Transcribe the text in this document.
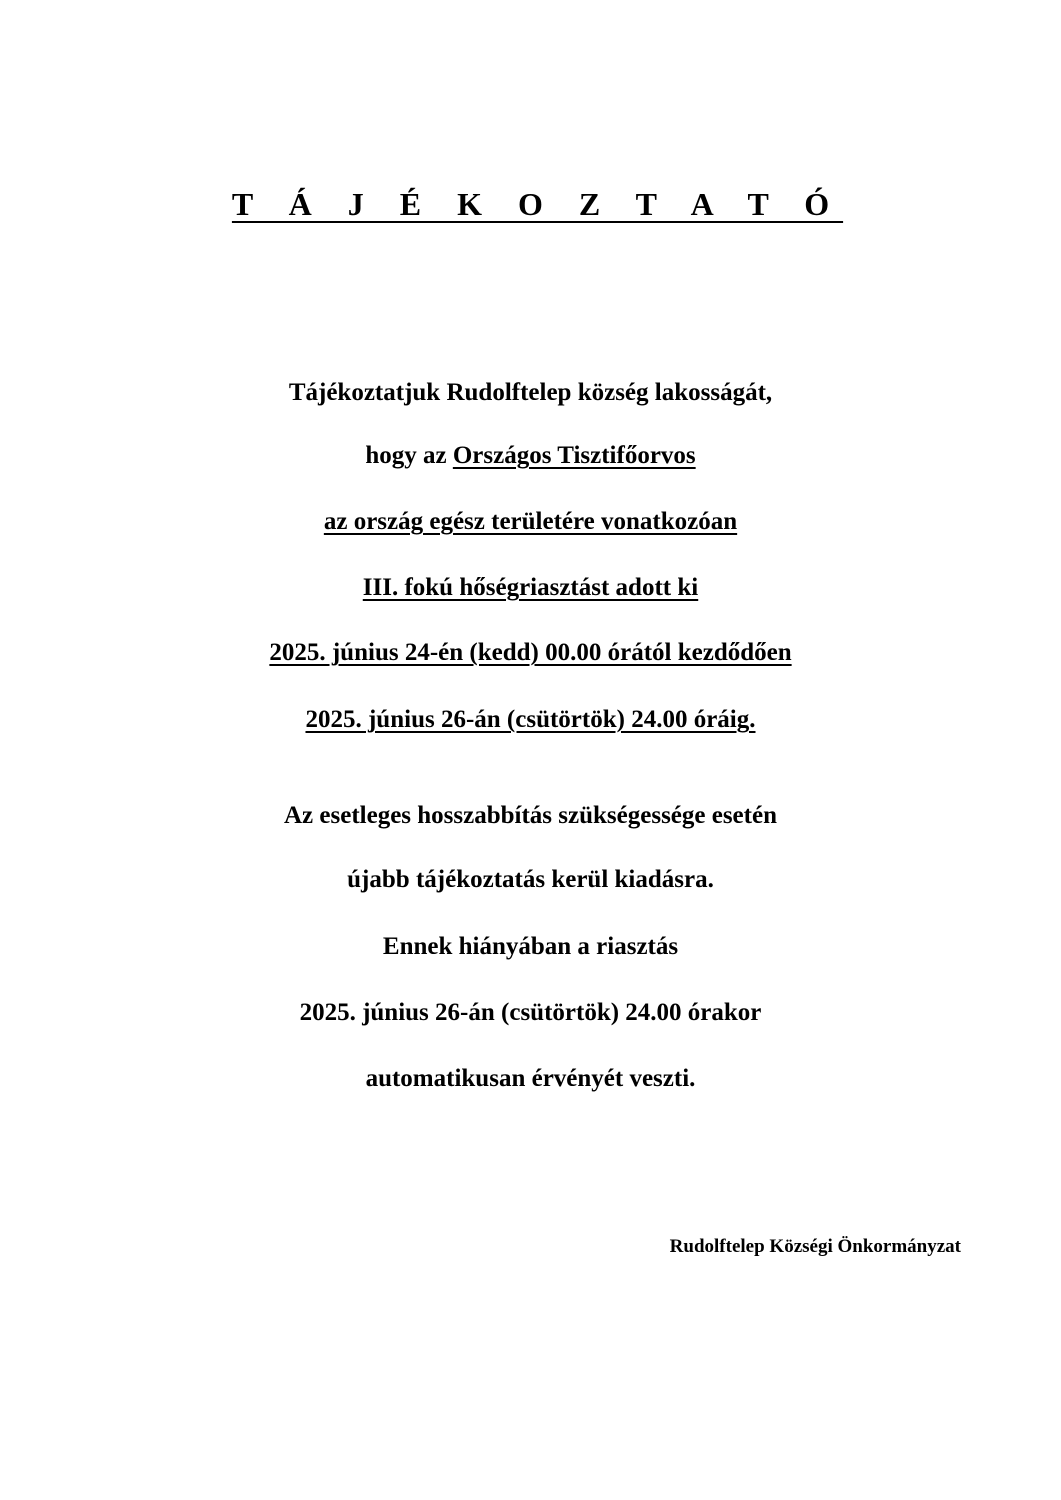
T Á J É K O Z T A T Ó
Tájékoztatjuk Rudolftelep község lakosságát,
hogy az Országos Tisztifőorvos
az ország egész területére vonatkozóan
III. fokú hőségriasztást adott ki
2025. június 24-én (kedd) 00.00 órától kezdődően
2025. június 26-án (csütörtök) 24.00 óráig.
Az esetleges hosszabbítás szükségessége esetén
újabb tájékoztatás kerül kiadásra.
Ennek hiányában a riasztás
2025. június 26-án (csütörtök) 24.00 órakor
automatikusan érvényét veszti.
Rudolftelep Községi Önkormányzat
